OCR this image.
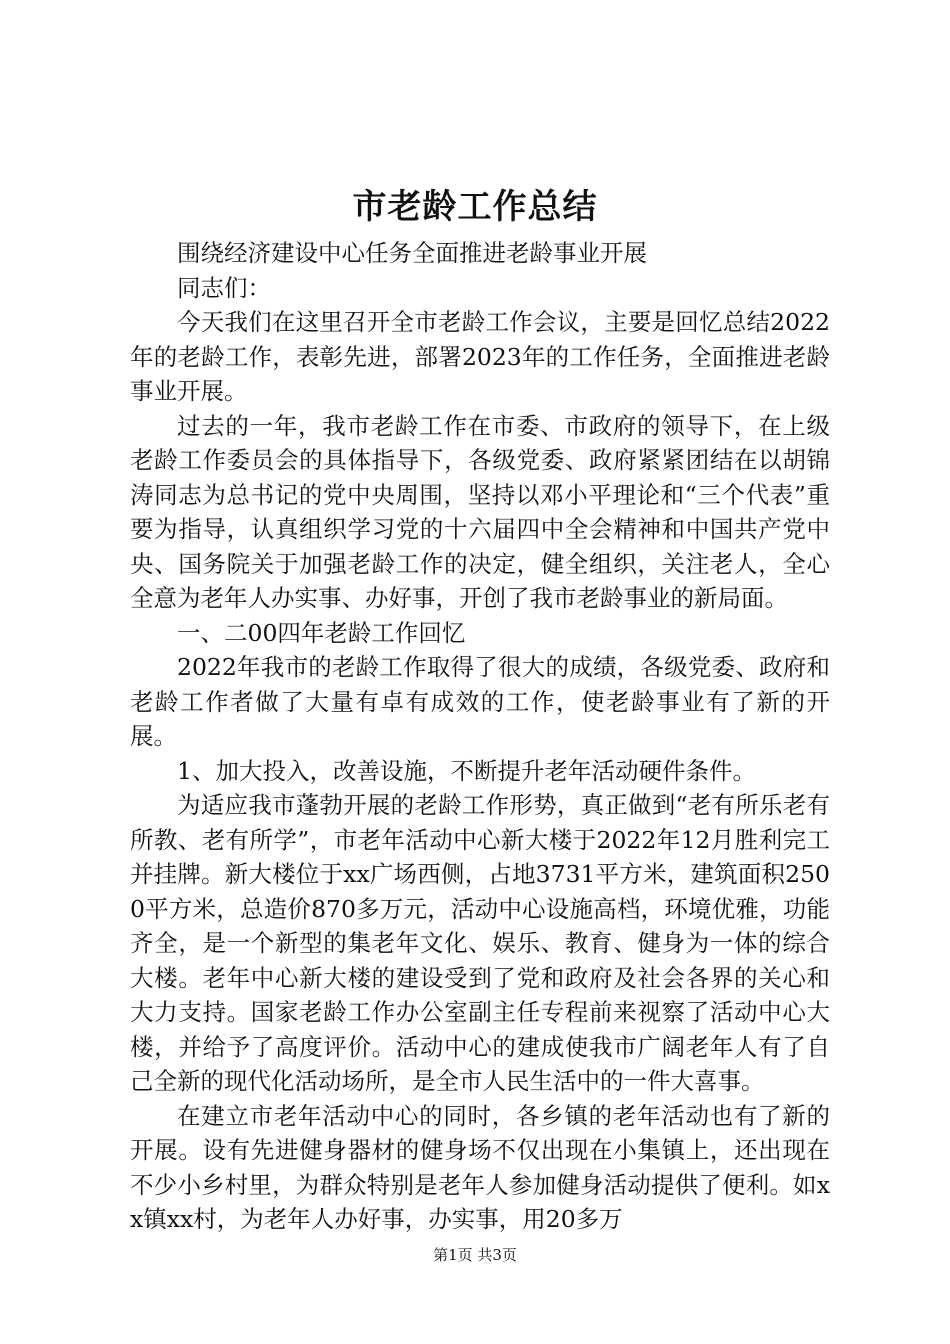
市老龄工作总结

围绕经济建设中心任务全面推进老龄事业开展

同志们：

今天我们在这里召开全市老龄工作会议，主要是回忆总结2022年的老龄工作，表彰先进，部署2023年的工作任务，全面推进老龄事业开展。

过去的一年，我市老龄工作在市委、市政府的领导下，在上级老龄工作委员会的具体指导下，各级党委、政府紧紧团结在以胡锦涛同志为总书记的党中央周围，坚持以邓小平理论和“三个代表”重要为指导，认真组织学习党的十六届四中全会精神和中国共产党中央、国务院关于加强老龄工作的决定，健全组织，关注老人，全心全意为老年人办实事、办好事，开创了我市老龄事业的新局面。

一、二00四年老龄工作回忆

2022年我市的老龄工作取得了很大的成绩，各级党委、政府和老龄工作者做了大量有卓有成效的工作，使老龄事业有了新的开展。

1、加大投入，改善设施，不断提升老年活动硬件条件。

为适应我市蓬勃开展的老龄工作形势，真正做到“老有所乐老有所教、老有所学”，市老年活动中心新大楼于2022年12月胜利完工并挂牌。新大楼位于xx广场西侧，占地3731平方米，建筑面积2500平方米，总造价870多万元，活动中心设施高档，环境优雅，功能齐全，是一个新型的集老年文化、娱乐、教育、健身为一体的综合大楼。老年中心新大楼的建设受到了党和政府及社会各界的关心和大力支持。国家老龄工作办公室副主任专程前来视察了活动中心大楼，并给予了高度评价。活动中心的建成使我市广阔老年人有了自己全新的现代化活动场所，是全市人民生活中的一件大喜事。

在建立市老年活动中心的同时，各乡镇的老年活动也有了新的开展。设有先进健身器材的健身场不仅出现在小集镇上，还出现在不少小乡村里，为群众特别是老年人参加健身活动提供了便利。如xx镇xx村，为老年人办好事，办实事，用20多万

第1页 共3页
